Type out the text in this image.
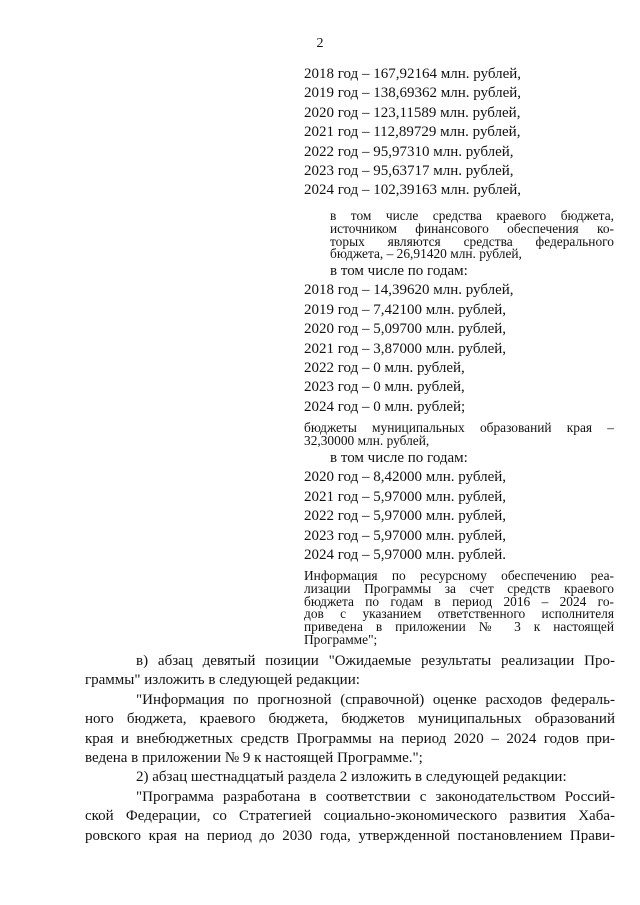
2
2018 год – 167,92164 млн. рублей,
2019 год – 138,69362 млн. рублей,
2020 год – 123,11589 млн. рублей,
2021 год – 112,89729 млн. рублей,
2022 год – 95,97310 млн. рублей,
2023 год – 95,63717 млн. рублей,
2024 год – 102,39163 млн. рублей,
в том числе средства краевого бюджета,
источником финансового обеспечения ко-
торых являются средства федерального
бюджета, – 26,91420 млн. рублей,
в том числе по годам:
2018 год – 14,39620 млн. рублей,
2019 год – 7,42100 млн. рублей,
2020 год – 5,09700 млн. рублей,
2021 год – 3,87000 млн. рублей,
2022 год – 0 млн. рублей,
2023 год – 0 млн. рублей,
2024 год – 0 млн. рублей;
бюджеты муниципальных образований края –
32,30000 млн. рублей,
в том числе по годам:
2020 год – 8,42000 млн. рублей,
2021 год – 5,97000 млн. рублей,
2022 год – 5,97000 млн. рублей,
2023 год – 5,97000 млн. рублей,
2024 год – 5,97000 млн. рублей.
Информация по ресурсному обеспечению реа-
лизации Программы за счет средств краевого
бюджета по годам в период 2016 – 2024 го-
дов с указанием ответственного исполнителя
приведена в приложении № 3 к настоящей
Программе";
в) абзац девятый позиции "Ожидаемые результаты реализации Про-
граммы" изложить в следующей редакции:
"Информация по прогнозной (справочной) оценке расходов федераль-
ного бюджета, краевого бюджета, бюджетов муниципальных образований
края и внебюджетных средств Программы на период 2020 – 2024 годов при-
ведена в приложении № 9 к настоящей Программе.";
2) абзац шестнадцатый раздела 2 изложить в следующей редакции:
"Программа разработана в соответствии с законодательством Россий-
ской Федерации, со Стратегией социально-экономического развития Хаба-
ровского края на период до 2030 года, утвержденной постановлением Прави-
